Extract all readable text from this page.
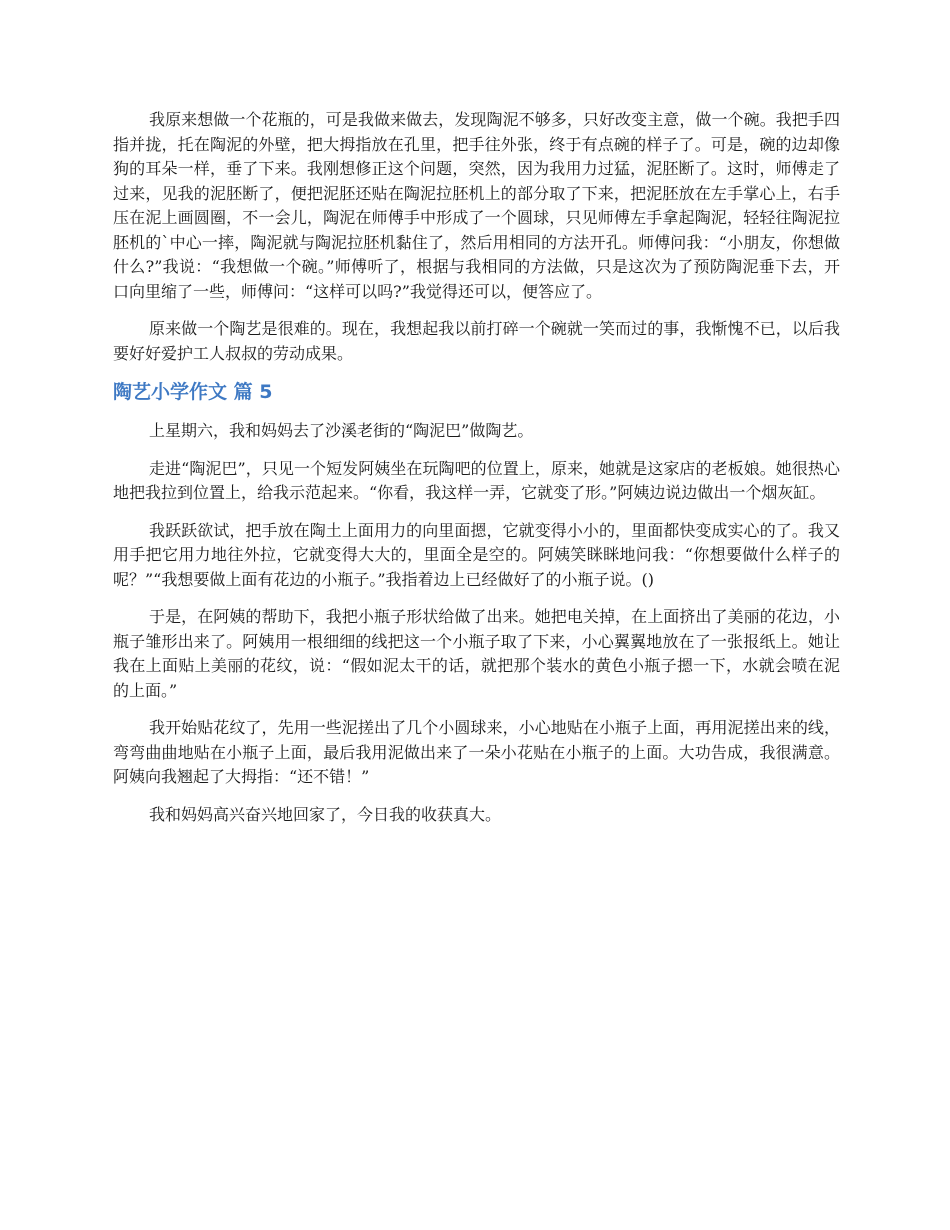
我原来想做一个花瓶的，可是我做来做去，发现陶泥不够多，只好改变主意，做一个碗。我把手四指并拢，托在陶泥的外壁，把大拇指放在孔里，把手往外张，终于有点碗的样子了。可是，碗的边却像狗的耳朵一样，垂了下来。我刚想修正这个问题，突然，因为我用力过猛，泥胚断了。这时，师傅走了过来，见我的泥胚断了，便把泥胚还贴在陶泥拉胚机上的部分取了下来，把泥胚放在左手掌心上，右手压在泥上画圆圈，不一会儿，陶泥在师傅手中形成了一个圆球，只见师傅左手拿起陶泥，轻轻往陶泥拉胚机的`中心一摔，陶泥就与陶泥拉胚机黏住了，然后用相同的方法开孔。师傅问我：“小朋友，你想做什么?”我说：“我想做一个碗。”师傅听了，根据与我相同的方法做，只是这次为了预防陶泥垂下去，开口向里缩了一些，师傅问：“这样可以吗?”我觉得还可以，便答应了。

原来做一个陶艺是很难的。现在，我想起我以前打碎一个碗就一笑而过的事，我惭愧不已，以后我要好好爱护工人叔叔的劳动成果。

陶艺小学作文 篇 5

上星期六，我和妈妈去了沙溪老街的“陶泥巴”做陶艺。

走进“陶泥巴”，只见一个短发阿姨坐在玩陶吧的位置上，原来，她就是这家店的老板娘。她很热心地把我拉到位置上，给我示范起来。“你看，我这样一弄，它就变了形。”阿姨边说边做出一个烟灰缸。

我跃跃欲试，把手放在陶土上面用力的向里面摁，它就变得小小的，里面都快变成实心的了。我又用手把它用力地往外拉，它就变得大大的，里面全是空的。阿姨笑眯眯地问我：“你想要做什么样子的呢？”“我想要做上面有花边的小瓶子。”我指着边上已经做好了的小瓶子说。()

于是，在阿姨的帮助下，我把小瓶子形状给做了出来。她把电关掉，在上面挤出了美丽的花边，小瓶子雏形出来了。阿姨用一根细细的线把这一个小瓶子取了下来，小心翼翼地放在了一张报纸上。她让我在上面贴上美丽的花纹，说：“假如泥太干的话，就把那个装水的黄色小瓶子摁一下，水就会喷在泥的上面。”

我开始贴花纹了，先用一些泥搓出了几个小圆球来，小心地贴在小瓶子上面，再用泥搓出来的线，弯弯曲曲地贴在小瓶子上面，最后我用泥做出来了一朵小花贴在小瓶子的上面。大功告成，我很满意。阿姨向我翘起了大拇指：“还不错！”

我和妈妈高兴奋兴地回家了，今日我的收获真大。
